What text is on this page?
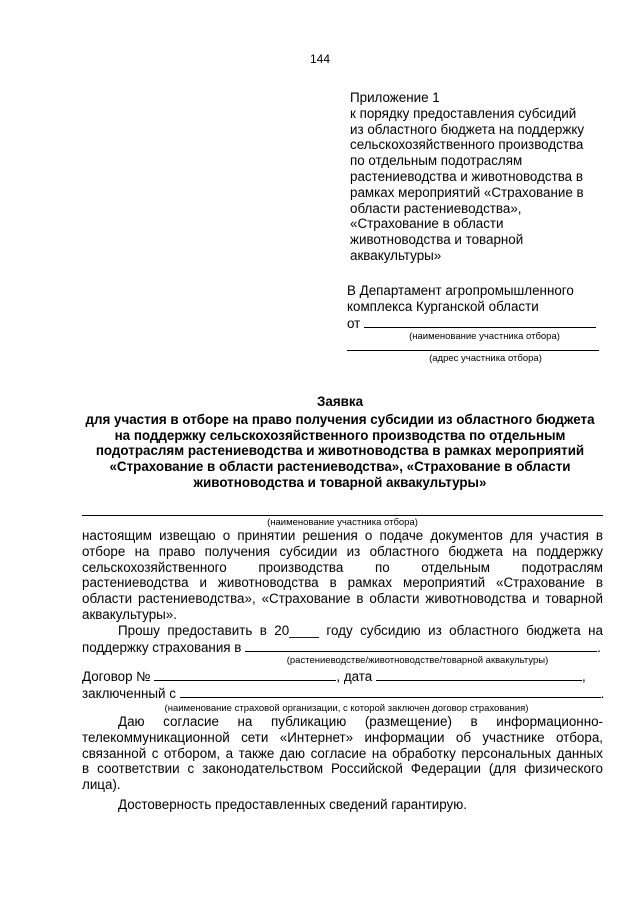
144
Приложение 1
к порядку предоставления субсидий
из областного бюджета на поддержку
сельскохозяйственного производства
по отдельным подотраслям
растениеводства и животноводства в
рамках мероприятий «Страхование в
области растениеводства»,
«Страхование в области
животноводства и товарной
аквакультуры»
В Департамент агропромышленного
комплекса Курганской области
от
(наименование участника отбора)
(адрес участника отбора)
Заявка
для участия в отборе на право получения субсидии из областного бюджета
на поддержку сельскохозяйственного производства по отдельным
подотраслям растениеводства и животноводства в рамках мероприятий
«Страхование в области растениеводства», «Страхование в области
животноводства и товарной аквакультуры»
(наименование участника отбора)
настоящим извещаю о принятии решения о подаче документов для участия в
отборе на право получения субсидии из областного бюджета на поддержку
сельскохозяйственного производства по отдельным подотраслям
растениеводства и животноводства в рамках мероприятий «Страхование в
области растениеводства», «Страхование в области животноводства и товарной
аквакультуры».
Прошу предоставить в 20____ году субсидию из областного бюджета на
поддержку страхования в	.
(растениеводстве/животноводстве/товарной аквакультуры)
Договор №	, дата	,
заключенный с	.
(наименование страховой организации, с которой заключен договор страхования)
Даю согласие на публикацию (размещение) в информационно-
телекоммуникационной сети «Интернет» информации об участнике отбора,
связанной с отбором, а также даю согласие на обработку персональных данных
в соответствии с законодательством Российской Федерации (для физического
лица).
Достоверность предоставленных сведений гарантирую.
